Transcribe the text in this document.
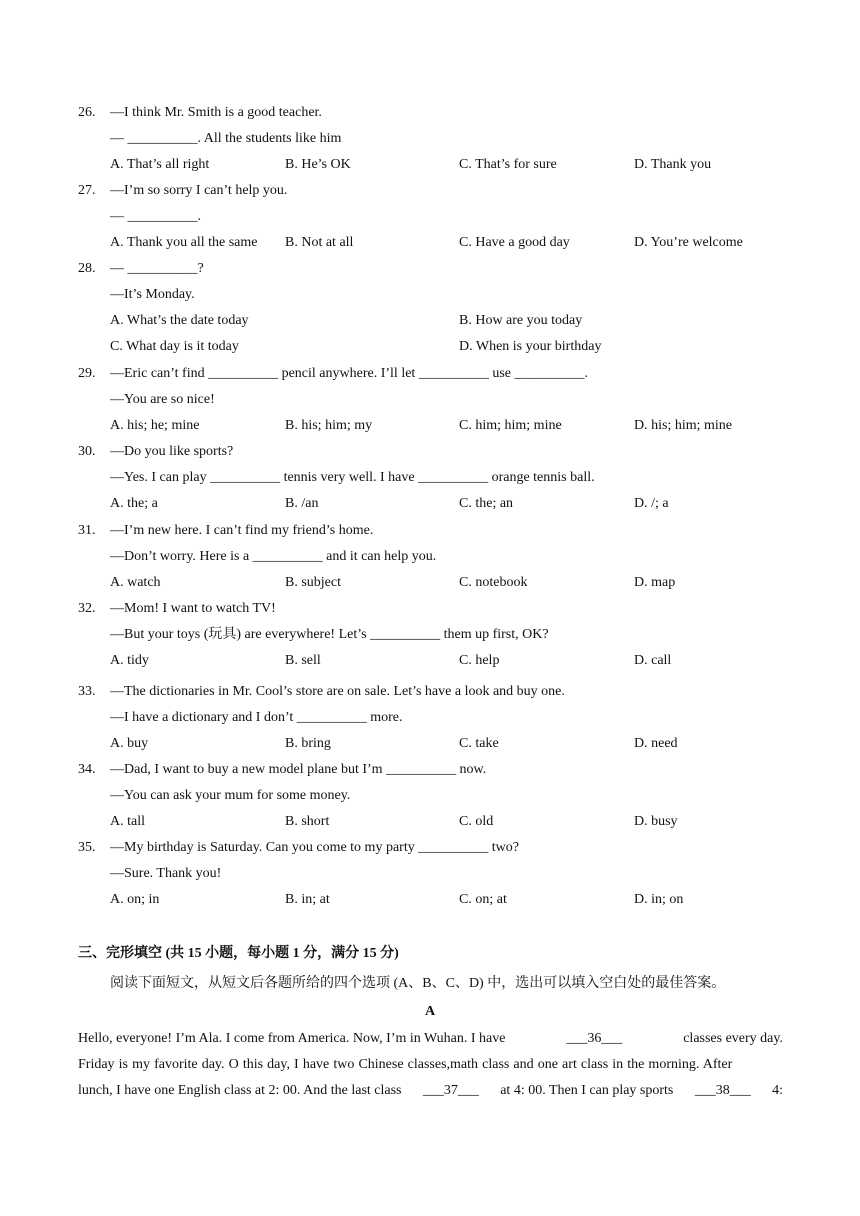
26. —I think Mr. Smith is a good teacher.
— __________. All the students like him
A. That’s all right	B. He’s OK	C. That’s for sure	D. Thank you
27. —I’m so sorry I can’t help you.
— __________.
A. Thank you all the same B. Not at all	C. Have a good day	D. You’re welcome
28. — __________?
—It’s Monday.
A. What’s the date today	B. How are you today
C. What day is it today	D. When is your birthday
29. —Eric can’t find __________ pencil anywhere. I’ll let __________ use __________.
—You are so nice!
A. his; he; mine	B. his; him; my	C. him; him; mine	D. his; him; mine
30. —Do you like sports?
—Yes. I can play __________ tennis very well. I have __________ orange tennis ball.
A. the; a	B. /an	C. the; an	D. /; a
31. —I’m new here. I can’t find my friend’s home.
—Don’t worry. Here is a __________ and it can help you.
A. watch	B. subject	C. notebook	D. map
32. —Mom! I want to watch TV!
—But your toys (玩具) are everywhere! Let’s __________ them up first, OK?
A. tidy	B. sell	C. help	D. call
33. —The dictionaries in Mr. Cool’s store are on sale. Let’s have a look and buy one.
—I have a dictionary and I don’t __________ more.
A. buy	B. bring	C. take	D. need
34. —Dad, I want to buy a new model plane but I’m __________ now.
—You can ask your mum for some money.
A. tall	B. short	C. old	D. busy
35. —My birthday is Saturday. Can you come to my party __________ two?
—Sure. Thank you!
A. on; in	B. in; at	C. on; at	D. in; on
三、完形填空 (共 15 小题，每小题 1 分，满分 15 分)
阅读下面短文，从短文后各题所给的四个选项 (A、B、C、D) 中，选出可以填入空白处的最佳答案。
A
Hello, everyone! I’m Ala. I come from America. Now, I’m in Wuhan. I have	___36___	classes every day.
Friday is my favorite day. O this day, I have two Chinese classes,math class and one art class in the morning. After
lunch, I have one English class at 2: 00. And the last class ___37___ at 4: 00. Then I can play sports ___38___ 4:
